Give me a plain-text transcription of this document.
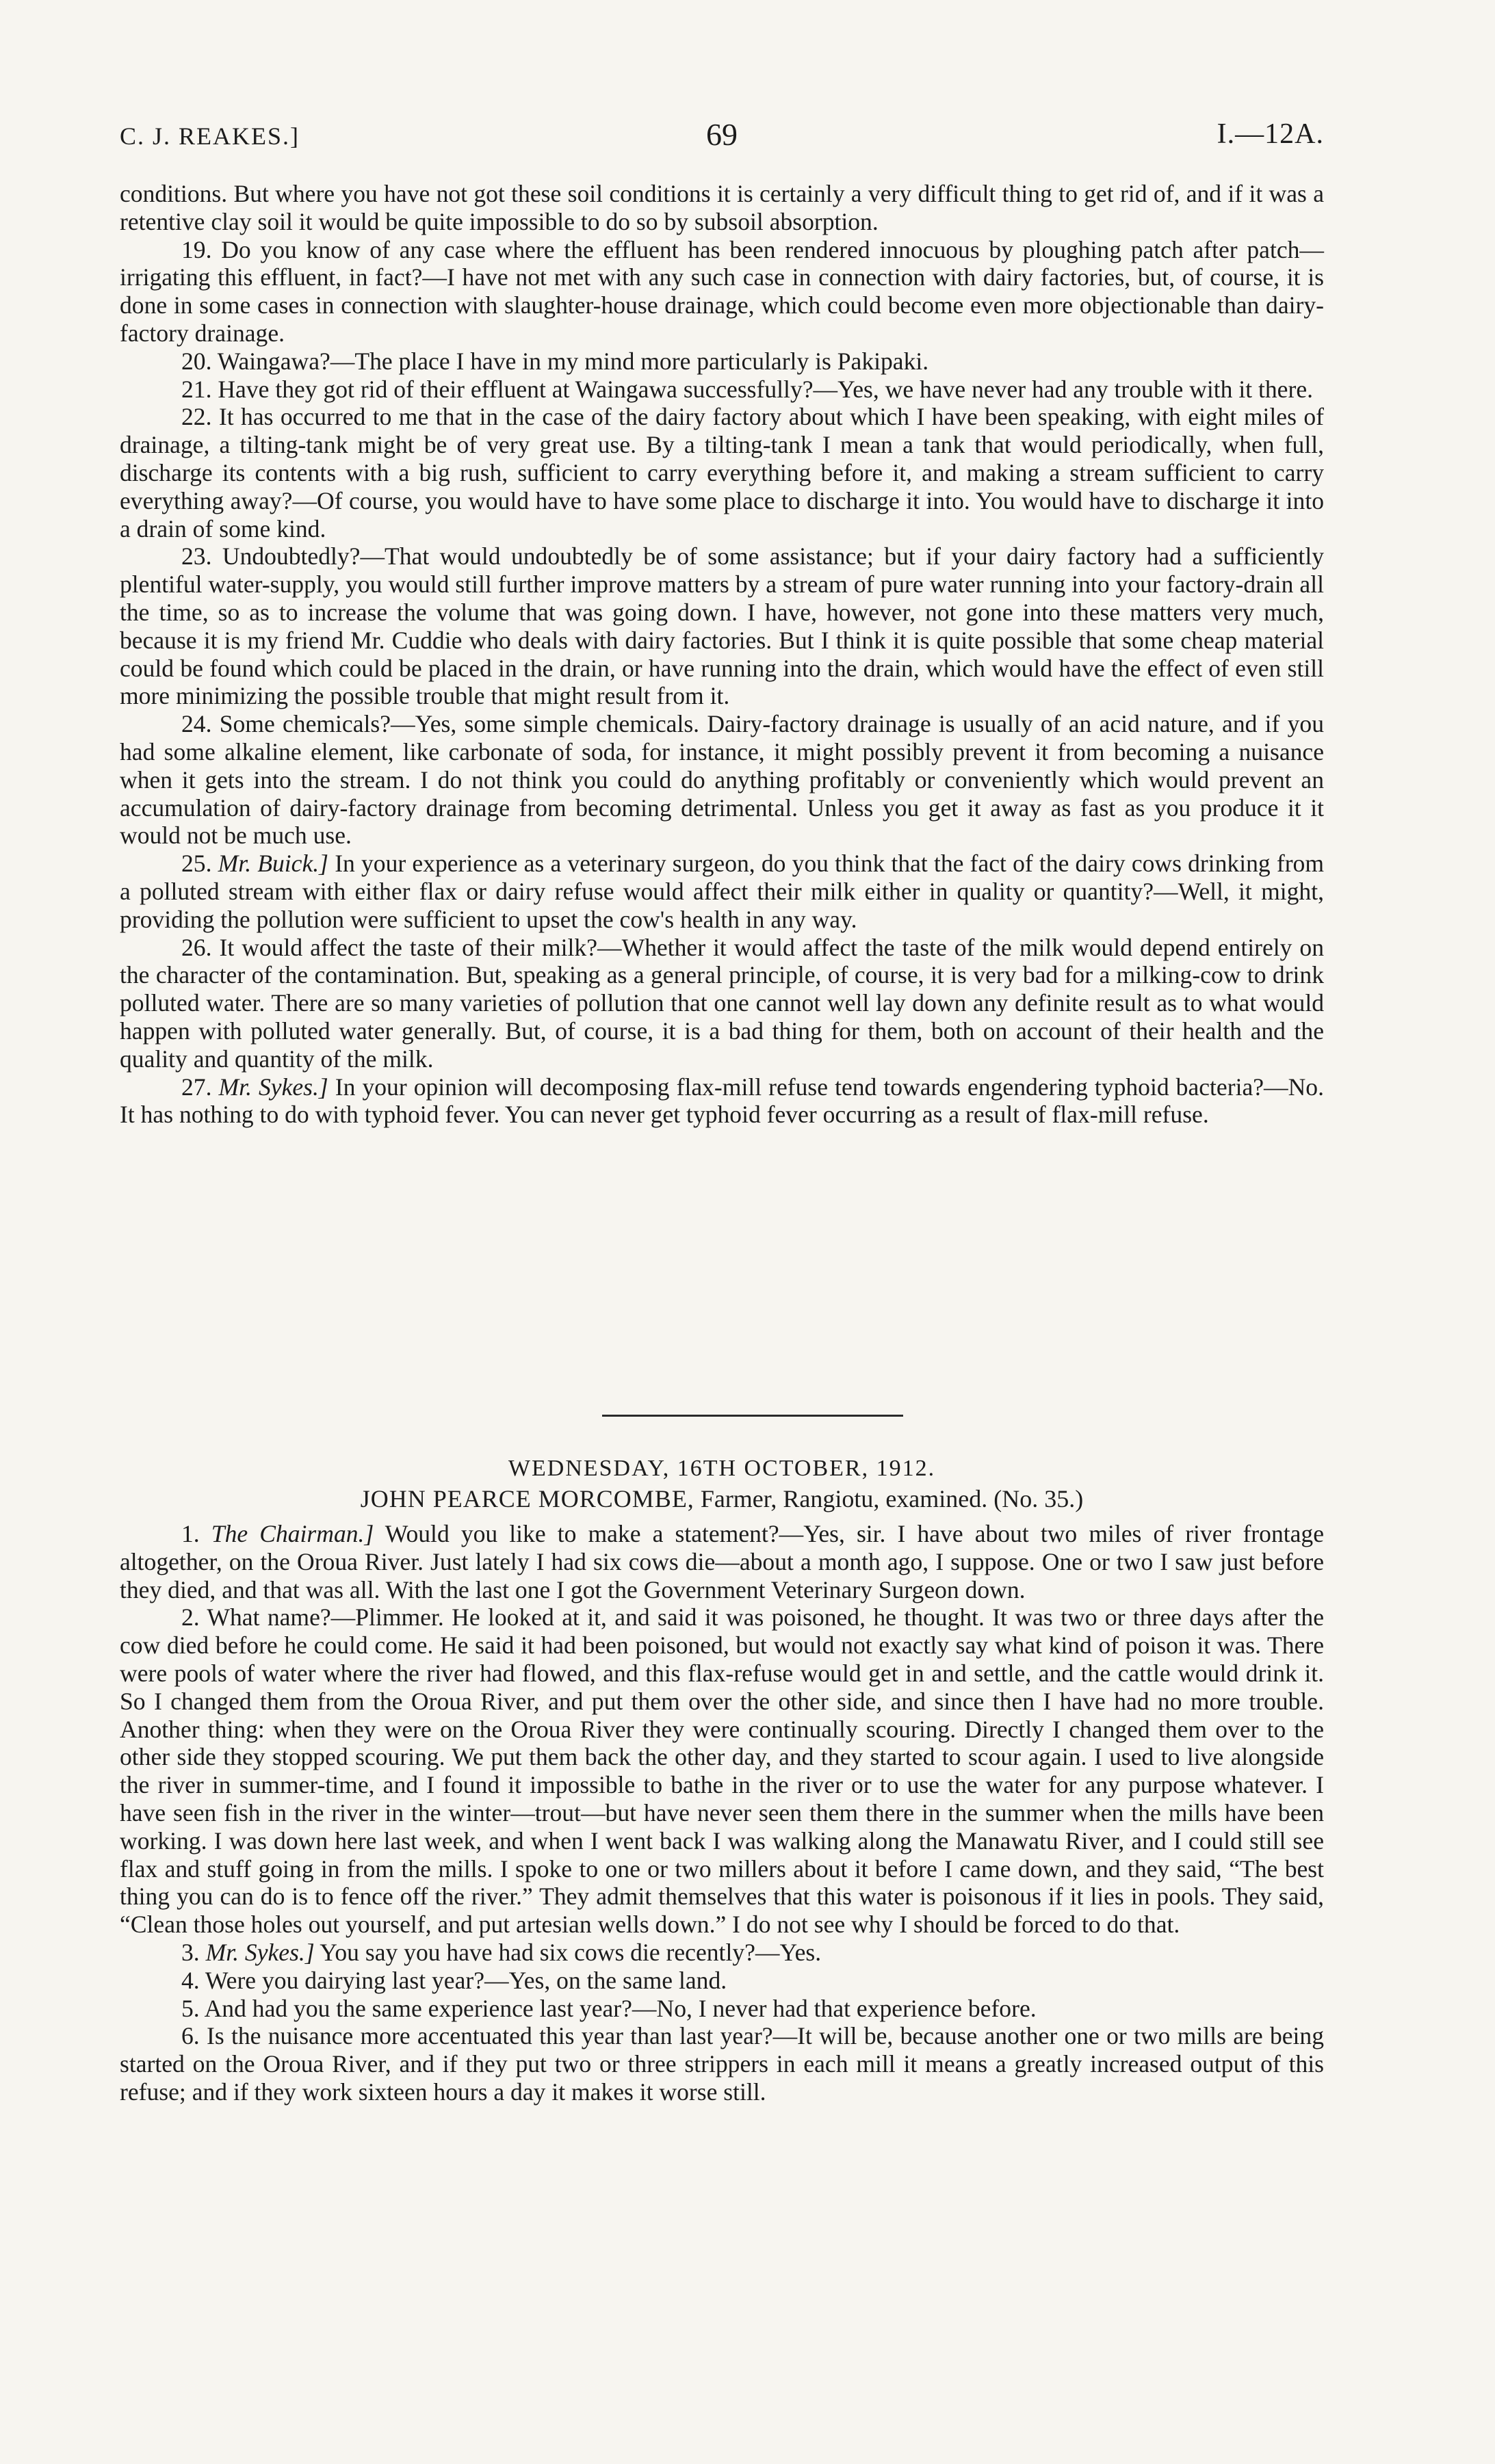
C. J. REAKES.]	69	I.—12A.

conditions. But where you have not got these soil conditions it is certainly a very difficult thing to get rid of, and if it was a retentive clay soil it would be quite impossible to do so by subsoil absorption.

19. Do you know of any case where the effluent has been rendered innocuous by ploughing patch after patch—irrigating this effluent, in fact?—I have not met with any such case in connection with dairy factories, but, of course, it is done in some cases in connection with slaughter-house drainage, which could become even more objectionable than dairy-factory drainage.

20. Waingawa?—The place I have in my mind more particularly is Pakipaki.

21. Have they got rid of their effluent at Waingawa successfully?—Yes, we have never had any trouble with it there.

22. It has occurred to me that in the case of the dairy factory about which I have been speaking, with eight miles of drainage, a tilting-tank might be of very great use. By a tilting-tank I mean a tank that would periodically, when full, discharge its contents with a big rush, sufficient to carry everything before it, and making a stream sufficient to carry everything away?—Of course, you would have to have some place to discharge it into. You would have to discharge it into a drain of some kind.

23. Undoubtedly?—That would undoubtedly be of some assistance; but if your dairy factory had a sufficiently plentiful water-supply, you would still further improve matters by a stream of pure water running into your factory-drain all the time, so as to increase the volume that was going down. I have, however, not gone into these matters very much, because it is my friend Mr. Cuddie who deals with dairy factories. But I think it is quite possible that some cheap material could be found which could be placed in the drain, or have running into the drain, which would have the effect of even still more minimizing the possible trouble that might result from it.

24. Some chemicals?—Yes, some simple chemicals. Dairy-factory drainage is usually of an acid nature, and if you had some alkaline element, like carbonate of soda, for instance, it might possibly prevent it from becoming a nuisance when it gets into the stream. I do not think you could do anything profitably or conveniently which would prevent an accumulation of dairy-factory drainage from becoming detrimental. Unless you get it away as fast as you produce it it would not be much use.

25. Mr. Buick.] In your experience as a veterinary surgeon, do you think that the fact of the dairy cows drinking from a polluted stream with either flax or dairy refuse would affect their milk either in quality or quantity?—Well, it might, providing the pollution were sufficient to upset the cow's health in any way.

26. It would affect the taste of their milk?—Whether it would affect the taste of the milk would depend entirely on the character of the contamination. But, speaking as a general principle, of course, it is very bad for a milking-cow to drink polluted water. There are so many varieties of pollution that one cannot well lay down any definite result as to what would happen with polluted water generally. But, of course, it is a bad thing for them, both on account of their health and the quality and quantity of the milk.

27. Mr. Sykes.] In your opinion will decomposing flax-mill refuse tend towards engendering typhoid bacteria?—No. It has nothing to do with typhoid fever. You can never get typhoid fever occurring as a result of flax-mill refuse.

WEDNESDAY, 16TH OCTOBER, 1912.
JOHN PEARCE MORCOMBE, Farmer, Rangiotu, examined. (No. 35.)

1. The Chairman.] Would you like to make a statement?—Yes, sir. I have about two miles of river frontage altogether, on the Oroua River. Just lately I had six cows die—about a month ago, I suppose. One or two I saw just before they died, and that was all. With the last one I got the Government Veterinary Surgeon down.

2. What name?—Plimmer. He looked at it, and said it was poisoned, he thought. It was two or three days after the cow died before he could come. He said it had been poisoned, but would not exactly say what kind of poison it was. There were pools of water where the river had flowed, and this flax-refuse would get in and settle, and the cattle would drink it. So I changed them from the Oroua River, and put them over the other side, and since then I have had no more trouble. Another thing: when they were on the Oroua River they were continually scouring. Directly I changed them over to the other side they stopped scouring. We put them back the other day, and they started to scour again. I used to live alongside the river in summer-time, and I found it impossible to bathe in the river or to use the water for any purpose whatever. I have seen fish in the river in the winter—trout—but have never seen them there in the summer when the mills have been working. I was down here last week, and when I went back I was walking along the Manawatu River, and I could still see flax and stuff going in from the mills. I spoke to one or two millers about it before I came down, and they said, “The best thing you can do is to fence off the river.” They admit themselves that this water is poisonous if it lies in pools. They said, “Clean those holes out yourself, and put artesian wells down.” I do not see why I should be forced to do that.

3. Mr. Sykes.] You say you have had six cows die recently?—Yes.

4. Were you dairying last year?—Yes, on the same land.

5. And had you the same experience last year?—No, I never had that experience before.

6. Is the nuisance more accentuated this year than last year?—It will be, because another one or two mills are being started on the Oroua River, and if they put two or three strippers in each mill it means a greatly increased output of this refuse; and if they work sixteen hours a day it makes it worse still.
